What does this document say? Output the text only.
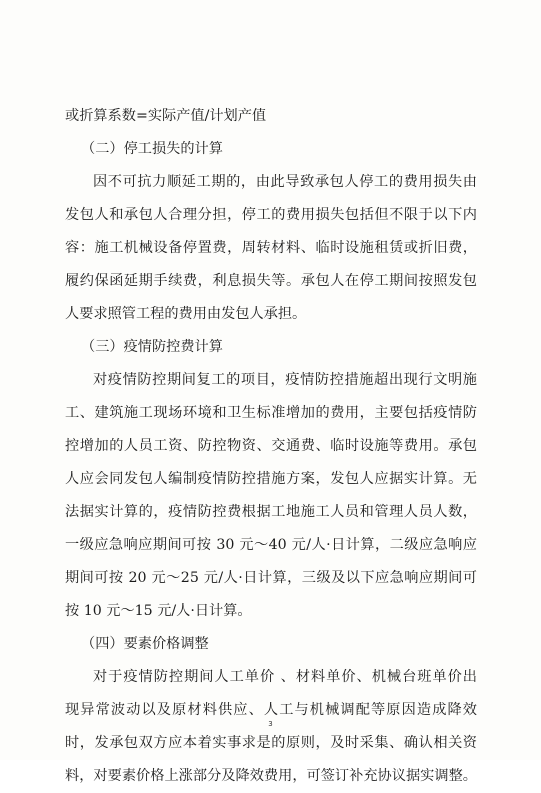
或折算系数=实际产值/计划产值
（二）停工损失的计算
因不可抗力顺延工期的，由此导致承包人停工的费用损失由
发包人和承包人合理分担，停工的费用损失包括但不限于以下内
容：施工机械设备停置费，周转材料、临时设施租赁或折旧费，
履约保函延期手续费，利息损失等。承包人在停工期间按照发包
人要求照管工程的费用由发包人承担。
（三）疫情防控费计算
对疫情防控期间复工的项目，疫情防控措施超出现行文明施
工、建筑施工现场环境和卫生标准增加的费用，主要包括疫情防
控增加的人员工资、防控物资、交通费、临时设施等费用。承包
人应会同发包人编制疫情防控措施方案，发包人应据实计算。无
法据实计算的，疫情防控费根据工地施工人员和管理人员人数，
一级应急响应期间可按 30 元～40 元/人·日计算，二级应急响应
期间可按 20 元～25 元/人·日计算，三级及以下应急响应期间可
按 10 元～15 元/人·日计算。
（四）要素价格调整
对于疫情防控期间人工单价 、材料单价、机械台班单价出
现异常波动以及原材料供应、人工与机械调配等原因造成降效
时，发承包双方应本着实事求是的原则，及时采集、确认相关资
料，对要素价格上涨部分及降效费用，可签订补充协议据实调整。
3
